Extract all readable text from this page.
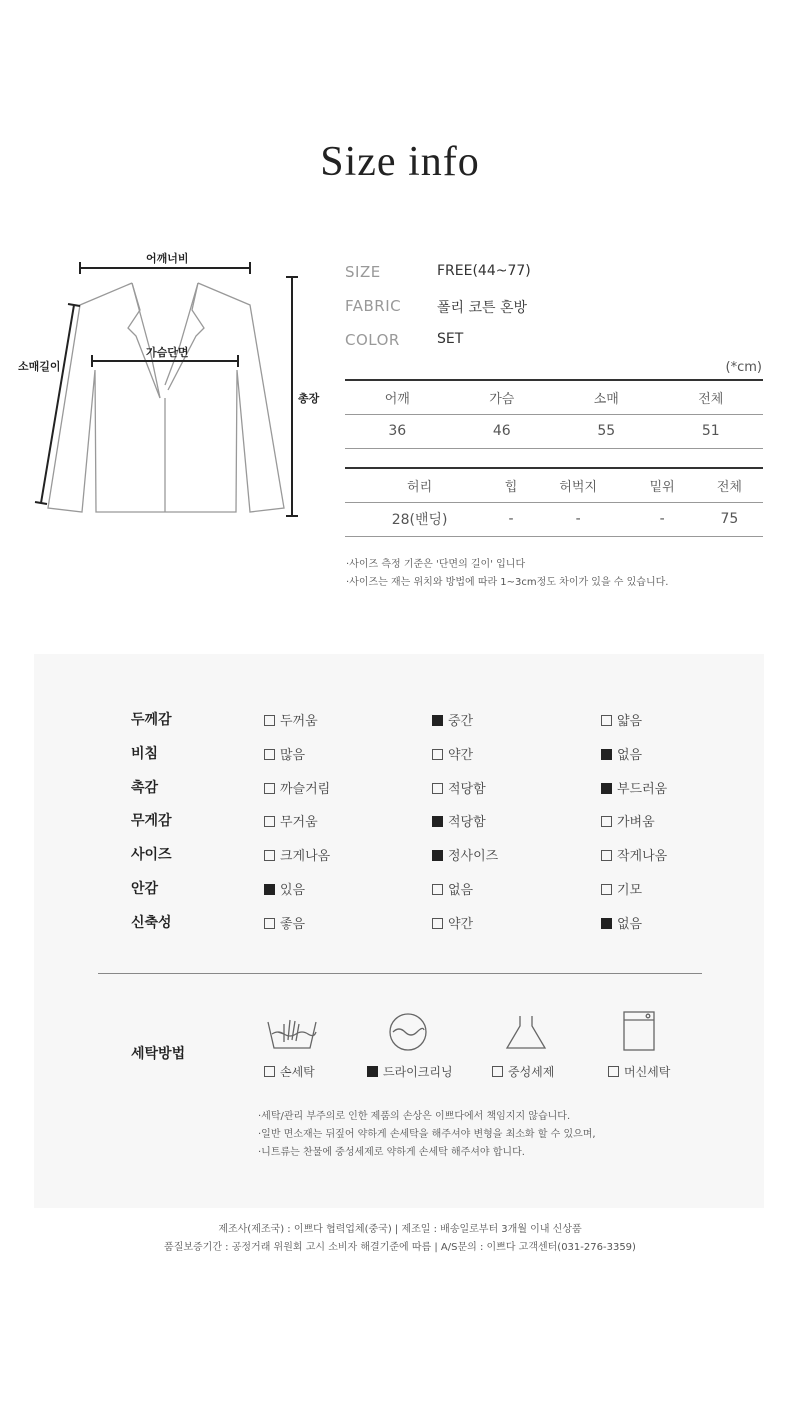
Size info
어깨너비
가슴단면
소매길이
총장
SIZE	FREE(44~77)
FABRIC	폴리 코튼 혼방
COLOR	SET
(*cm)
어깨	가슴	소매	전체
36	46	55	51
허리	힙	허벅지	밑위	전체
28(밴딩)	-	-	-	75
·사이즈 측정 기준은 '단면의 길이' 입니다
·사이즈는 재는 위치와 방법에 따라 1~3cm정도 차이가 있을 수 있습니다.
두께감	두꺼움	중간	얇음
비침	많음	약간	없음
촉감	까슬거림	적당함	부드러움
무게감	무거움	적당함	가벼움
사이즈	크게나옴	정사이즈	작게나옴
안감	있음	없음	기모
신축성	좋음	약간	없음
세탁방법
손세탁	드라이크리닝	중성세제	머신세탁
·세탁/관리 부주의로 인한 제품의 손상은 이쁘다에서 책임지지 않습니다.
·일반 면소재는 뒤짚어 약하게 손세탁을 해주셔야 변형을 최소화 할 수 있으며,
·니트류는 찬물에 중성세제로 약하게 손세탁 해주셔야 합니다.
제조사(제조국) : 이쁘다 협력업체(중국) | 제조일 : 배송일로부터 3개월 이내 신상품
품질보증기간 : 공정거래 위원회 고시 소비자 해결기준에 따름 | A/S문의 : 이쁘다 고객센터(031-276-3359)
